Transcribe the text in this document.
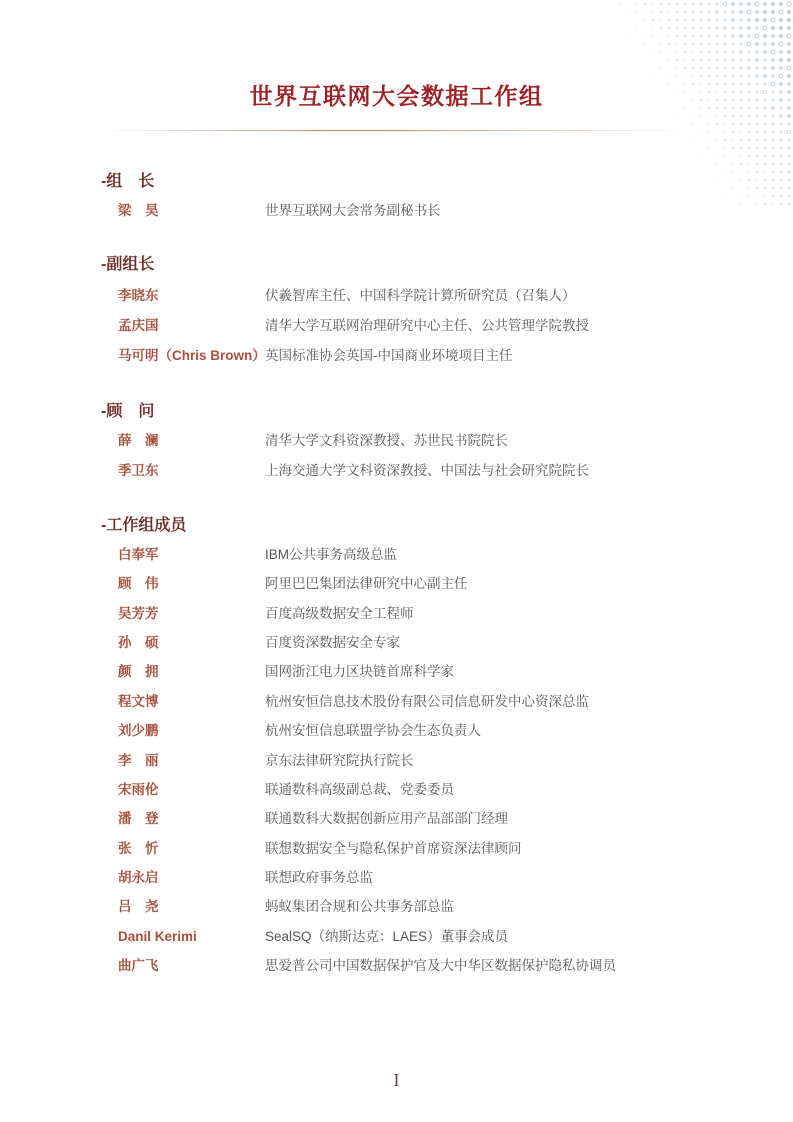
世界互联网大会数据工作组
-组　长
梁　昊	世界互联网大会常务副秘书长
-副组长
李晓东	伏羲智库主任、中国科学院计算所研究员（召集人）
孟庆国	清华大学互联网治理研究中心主任、公共管理学院教授
马可明（Chris Brown） 英国标准协会英国-中国商业环境项目主任
-顾　问
薛　澜	清华大学文科资深教授、苏世民书院院长
季卫东	上海交通大学文科资深教授、中国法与社会研究院院长
-工作组成员
白奉军	IBM公共事务高级总监
顾　伟	阿里巴巴集团法律研究中心副主任
吴芳芳	百度高级数据安全工程师
孙　硕	百度资深数据安全专家
颜　拥	国网浙江电力区块链首席科学家
程文博	杭州安恒信息技术股份有限公司信息研发中心资深总监
刘少鹏	杭州安恒信息联盟学协会生态负责人
李　丽	京东法律研究院执行院长
宋雨伦	联通数科高级副总裁、党委委员
潘　登	联通数科大数据创新应用产品部部门经理
张　忻	联想数据安全与隐私保护首席资深法律顾问
胡永启	联想政府事务总监
吕　尧	蚂蚁集团合规和公共事务部总监
Danil Kerimi	SealSQ（纳斯达克：LAES）董事会成员
曲广飞	思爱普公司中国数据保护官及大中华区数据保护隐私协调员
I
